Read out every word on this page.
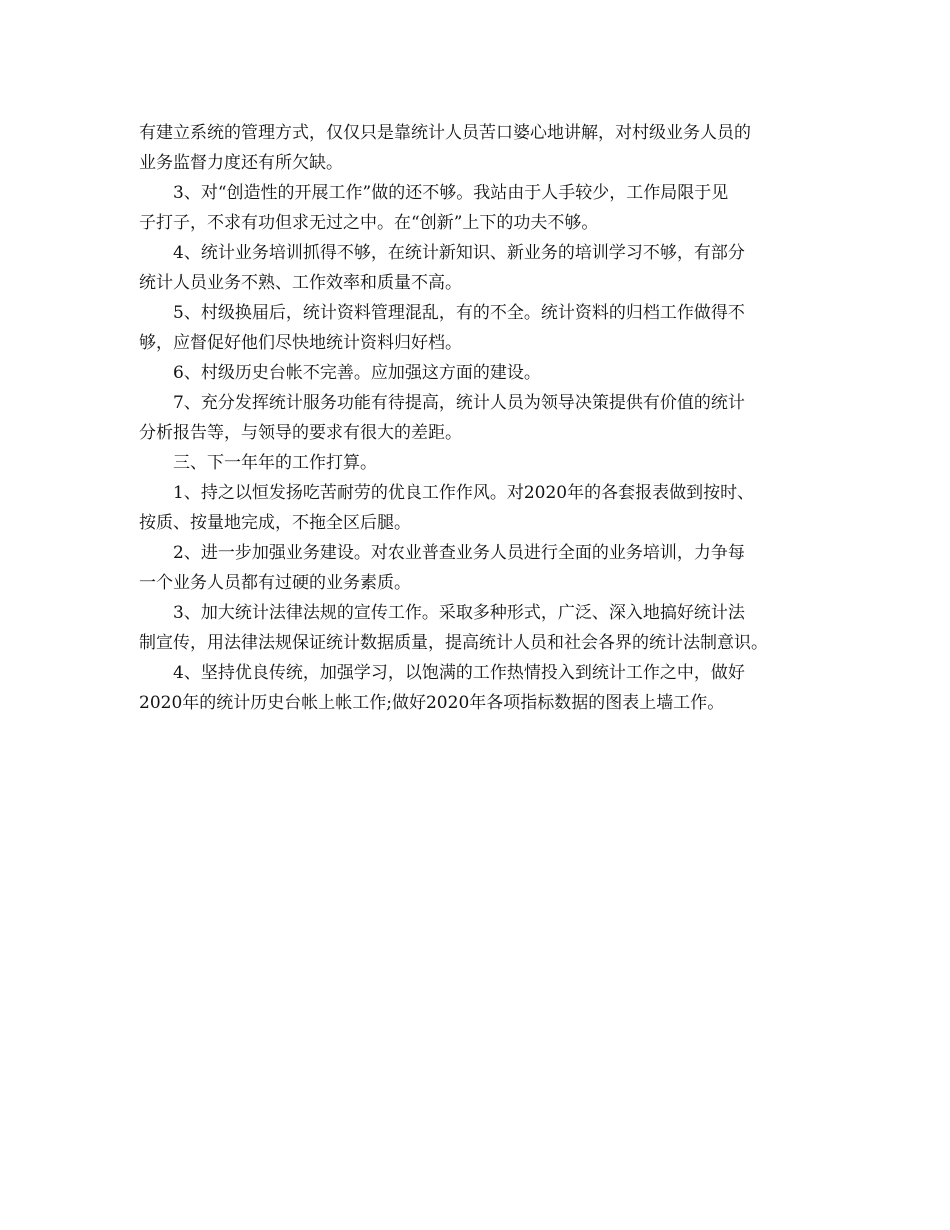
有建立系统的管理方式，仅仅只是靠统计人员苦口婆心地讲解，对村级业务人员的
业务监督力度还有所欠缺。

3、对“创造性的开展工作”做的还不够。我站由于人手较少，工作局限于见
子打子，不求有功但求无过之中。在“创新”上下的功夫不够。

4、统计业务培训抓得不够，在统计新知识、新业务的培训学习不够，有部分
统计人员业务不熟、工作效率和质量不高。

5、村级换届后，统计资料管理混乱，有的不全。统计资料的归档工作做得不
够，应督促好他们尽快地统计资料归好档。

6、村级历史台帐不完善。应加强这方面的建设。

7、充分发挥统计服务功能有待提高，统计人员为领导决策提供有价值的统计
分析报告等，与领导的要求有很大的差距。

三、下一年年的工作打算。

1、持之以恒发扬吃苦耐劳的优良工作作风。对2020年的各套报表做到按时、
按质、按量地完成，不拖全区后腿。

2、进一步加强业务建设。对农业普查业务人员进行全面的业务培训，力争每
一个业务人员都有过硬的业务素质。

3、加大统计法律法规的宣传工作。采取多种形式，广泛、深入地搞好统计法
制宣传，用法律法规保证统计数据质量，提高统计人员和社会各界的统计法制意识。

4、坚持优良传统，加强学习，以饱满的工作热情投入到统计工作之中，做好
2020年的统计历史台帐上帐工作;做好2020年各项指标数据的图表上墙工作。
